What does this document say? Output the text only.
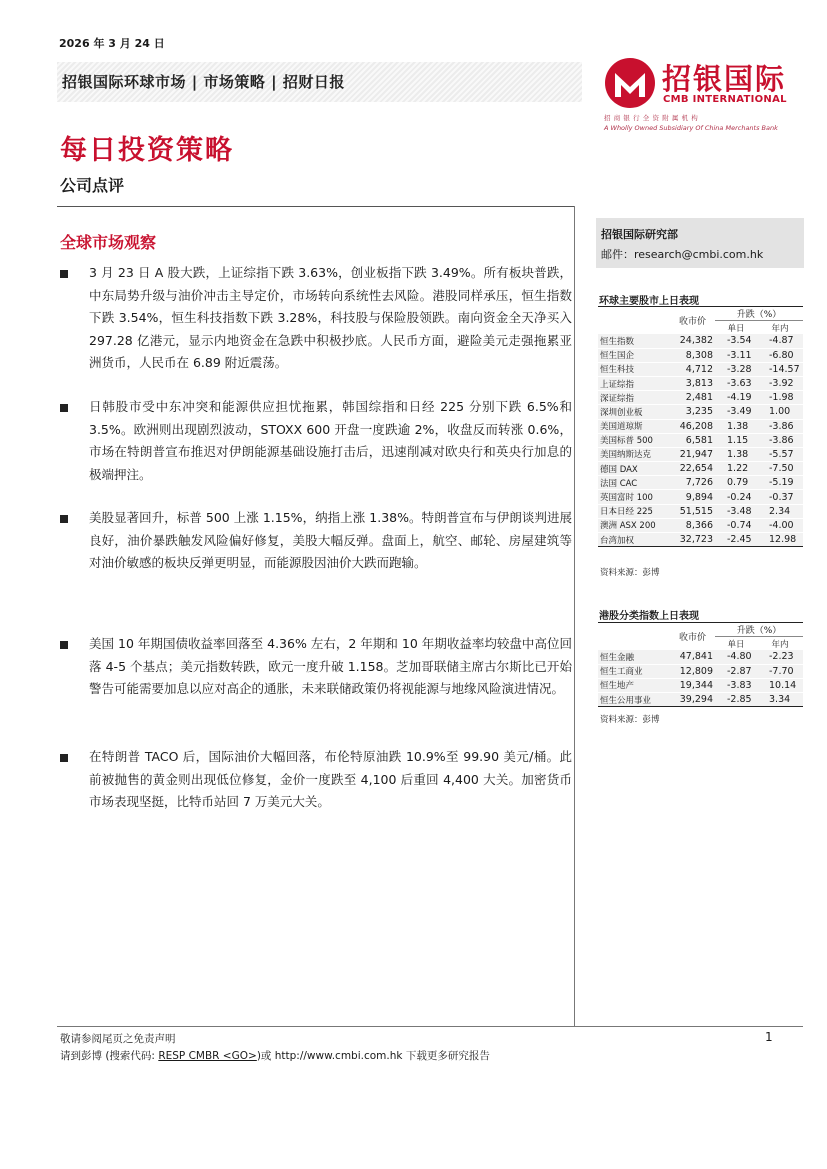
2026 年 3 月 24 日
招银国际环球市场 | 市场策略 | 招财日报	招银国际
CMB INTERNATIONAL
招商银行全资附属机构
A Wholly Owned Subsidiary Of China Merchants Bank
每日投资策略
公司点评
全球市场观察
3 月 23 日 A 股大跌，上证综指下跌 3.63%，创业板指下跌 3.49%。所有板块普跌，中东局势升级与油价冲击主导定价，市场转向系统性去风险。港股同样承压，恒生指数下跌 3.54%，恒生科技指数下跌 3.28%，科技股与保险股领跌。南向资金全天净买入 297.28 亿港元，显示内地资金在急跌中积极抄底。人民币方面，避险美元走强拖累亚洲货币，人民币在 6.89 附近震荡。
日韩股市受中东冲突和能源供应担忧拖累，韩国综指和日经 225 分别下跌 6.5%和 3.5%。欧洲则出现剧烈波动，STOXX 600 开盘一度跌逾 2%，收盘反而转涨 0.6%，市场在特朗普宣布推迟对伊朗能源基础设施打击后，迅速削减对欧央行和英央行加息的极端押注。
美股显著回升，标普 500 上涨 1.15%，纳指上涨 1.38%。特朗普宣布与伊朗谈判进展良好，油价暴跌触发风险偏好修复，美股大幅反弹。盘面上，航空、邮轮、房屋建筑等对油价敏感的板块反弹更明显，而能源股因油价大跌而跑输。
美国 10 年期国债收益率回落至 4.36% 左右，2 年期和 10 年期收益率均较盘中高位回落 4-5 个基点；美元指数转跌，欧元一度升破 1.158。芝加哥联储主席古尔斯比已开始警告可能需要加息以应对高企的通胀，未来联储政策仍将视能源与地缘风险演进情况。
在特朗普 TACO 后，国际油价大幅回落，布伦特原油跌 10.9%至 99.90 美元/桶。此前被抛售的黄金则出现低位修复，金价一度跌至 4,100 后重回 4,400 大关。加密货币市场表现坚挺，比特币站回 7 万美元大关。
招银国际研究部
邮件：research@cmbi.com.hk
环球主要股市上日表现
	收市价	升跌（%）	
		单日	年内
恒生指数	24,382	-3.54	-4.87
恒生国企	8,308	-3.11	-6.80
恒生科技	4,712	-3.28	-14.57
上证综指	3,813	-3.63	-3.92
深证综指	2,481	-4.19	-1.98
深圳创业板	3,235	-3.49	1.00
美国道琼斯	46,208	1.38	-3.86
美国标普 500	6,581	1.15	-3.86
美国纳斯达克	21,947	1.38	-5.57
德国 DAX	22,654	1.22	-7.50
法国 CAC	7,726	0.79	-5.19
英国富时 100	9,894	-0.24	-0.37
日本日经 225	51,515	-3.48	2.34
澳洲 ASX 200	8,366	-0.74	-4.00
台湾加权	32,723	-2.45	12.98
资料来源：彭博
港股分类指数上日表现
	收市价	升跌（%）	
		单日	年内
恒生金融	47,841	-4.80	-2.23
恒生工商业	12,809	-2.87	-7.70
恒生地产	19,344	-3.83	10.14
恒生公用事业	39,294	-2.85	3.34
资料来源：彭博
敬请参阅尾页之免责声明
请到彭博 (搜索代码: RESP CMBR <GO>)或 http://www.cmbi.com.hk 下载更多研究报告
1
